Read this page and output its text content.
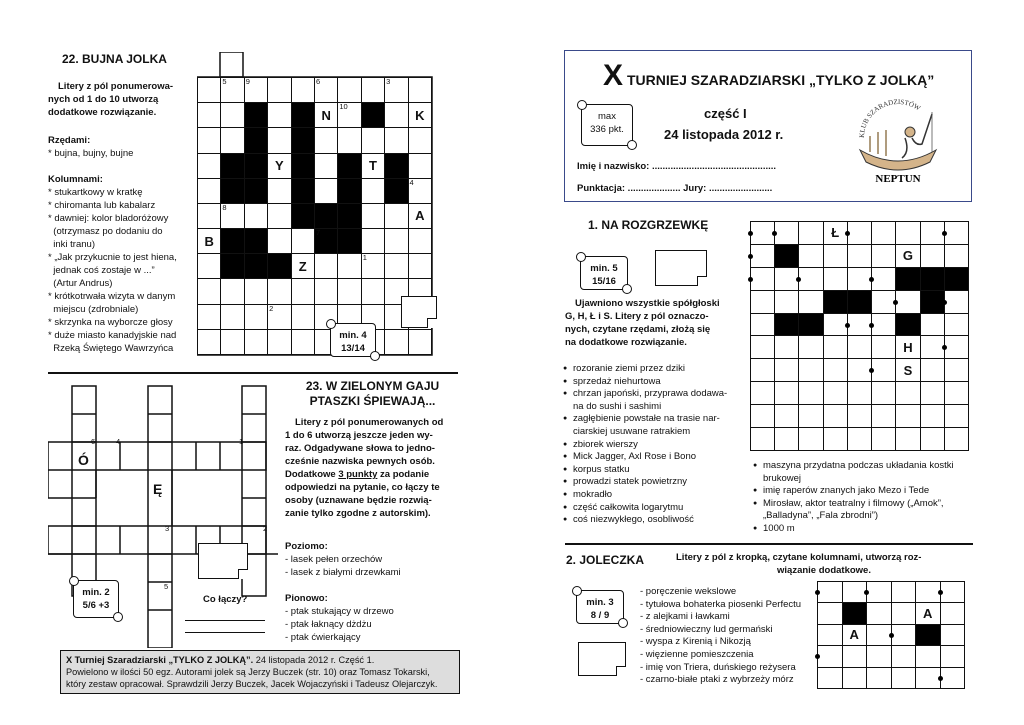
22. BUJNA JOLKA
Litery z pól ponumerowa-
nych od 1 do 10 utworzą
dodatkowe rozwiązanie.
Rzędami:
* bujna, bujny, bujne
Kolumnami:
* stukartkowy w kratkę
* chiromanta lub kabalarz
* dawniej: kolor bladoróżowy
(otrzymasz po dodaniu do
inki tranu)
* „Jak przykucnie to jest hiena,
jednak coś zostaje w ...”
(Artur Andrus)
* krótkotrwała wizyta w danym
miejscu (zdrobniale)
* skrzynka na wyborcze głosy
* duże miasto kanadyjskie nad
Rzeką Świętego Wawrzyńca

	5	9			6			3	

N	10			K

Y				T		

									4

	8								A

B					7				

Z			1		

			2						

min. 4
13/14
23. W ZIELONYM GAJU
PTASZKI ŚPIEWAJĄ...
Litery z pól ponumerowanych od
1 do 6 utworzą jeszcze jeden wy-
raz. Odgadywane słowa to jedno-
cześnie nazwiska pewnych osób.
Dodatkowe 3 punkty za podanie
odpowiedzi na pytanie, co łączy te
osoby (uznawane będzie rozwią-
zanie tylko zgodne z autorskim).
Poziomo:
- lasek pełen orzechów
- lasek z białymi drzewkami
Pionowo:
- ptak stukający w drzewo
- ptak łaknący dżdżu
- ptak ćwierkający
6	4	1
3	2
5
Ó
Ę
min. 2
5/6 +3
Co łączy?
X Turniej Szaradziarski „TYLKO Z JOLKĄ”. 24 listopada 2012 r. Część 1.
Powielono w ilości 50 egz. Autorami jolek są Jerzy Buczek (str. 10) oraz Tomasz Tokarski,
który zestaw opracował. Sprawdzili Jerzy Buczek, Jacek Wojaczyński i Tadeusz Olejarczyk.
X TURNIEJ SZARADZIARSKI „TYLKO Z JOLKĄ”
max
336 pkt.
część I
24 listopada 2012 r.
Imię i nazwisko: ...............................................
Punktacja: .................... Jury: ........................
KLUB SZARADZISTÓW
NEPTUN
1. NA ROZGRZEWKĘ
min. 5
15/16
Ujawniono wszystkie spółgłoski
G, H, Ł i S. Litery z pól oznaczo-
nych, czytane rzędami, złożą się
na dodatkowe rozwiązanie.
● rozoranie ziemi przez dziki
● sprzedaż niehurtowa
● chrzan japoński, przyprawa dodawa-
na do sushi i sashimi
● zagłębienie powstałe na trasie nar-
ciarskiej usuwane ratrakiem
● zbiorek wierszy
● Mick Jagger, Axl Rose i Bono
● korpus statku
● prowadzi statek powietrzny
● mokradło
● część całkowita logarytmu
● coś niezwykłego, osobliwość

Ł					

G		

H		

S		

● maszyna przydatna podczas układania kostki
brukowej
● imię raperów znanych jako Mezo i Tede
● Mirosław, aktor teatralny i filmowy („Amok”,
„Balladyna”, „Fala zbrodni”)
● 1000 m
2. JOLECZKA	Litery z pól z kropką, czytane kolumnami, utworzą roz-
wiązanie dodatkowe.
min. 3
8 / 9
- poręczenie wekslowe
- tytułowa bohaterka piosenki Perfectu
- z alejkami i ławkami
- średniowieczny lud germański
- wyspa z Kirenią i Nikozją
- więzienne pomieszczenia
- imię von Triera, duńskiego reżysera
- czarno-białe ptaki z wybrzeży mórz

A	

A				
